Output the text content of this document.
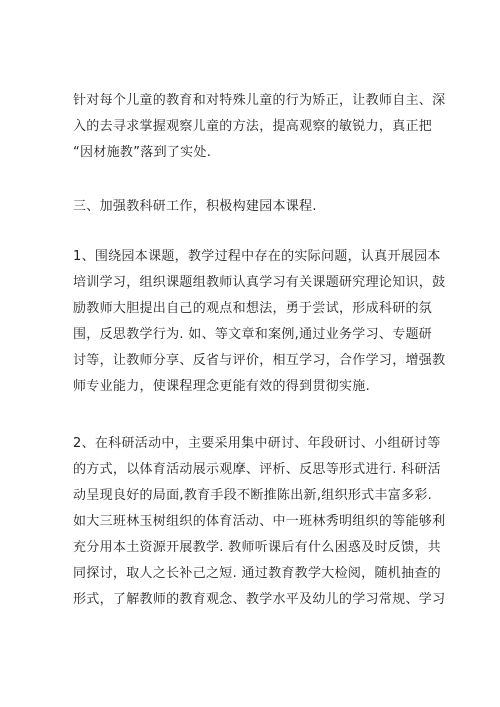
针对每个儿童的教育和对特殊儿童的行为矫正，让教师自主、深
入的去寻求掌握观察儿童的方法，提高观察的敏锐力，真正把
“因材施教”落到了实处.
三、加强教科研工作，积极构建园本课程.
1、围绕园本课题，教学过程中存在的实际问题，认真开展园本
培训学习，组织课题组教师认真学习有关课题研究理论知识，鼓
励教师大胆提出自己的观点和想法，勇于尝试，形成科研的氛
围，反思教学行为. 如、等文章和案例,通过业务学习、专题研
讨等，让教师分享、反省与评价，相互学习，合作学习，增强教
师专业能力，使课程理念更能有效的得到贯彻实施.
2、在科研活动中，主要采用集中研讨、年段研讨、小组研讨等
的方式，以体育活动展示观摩、评析、反思等形式进行. 科研活
动呈现良好的局面,教育手段不断推陈出新,组织形式丰富多彩.
如大三班林玉树组织的体育活动、中一班林秀明组织的等能够利
充分用本土资源开展教学. 教师听课后有什么困惑及时反馈，共
同探讨，取人之长补己之短. 通过教育教学大检阅，随机抽查的
形式，了解教师的教育观念、教学水平及幼儿的学习常规、学习
